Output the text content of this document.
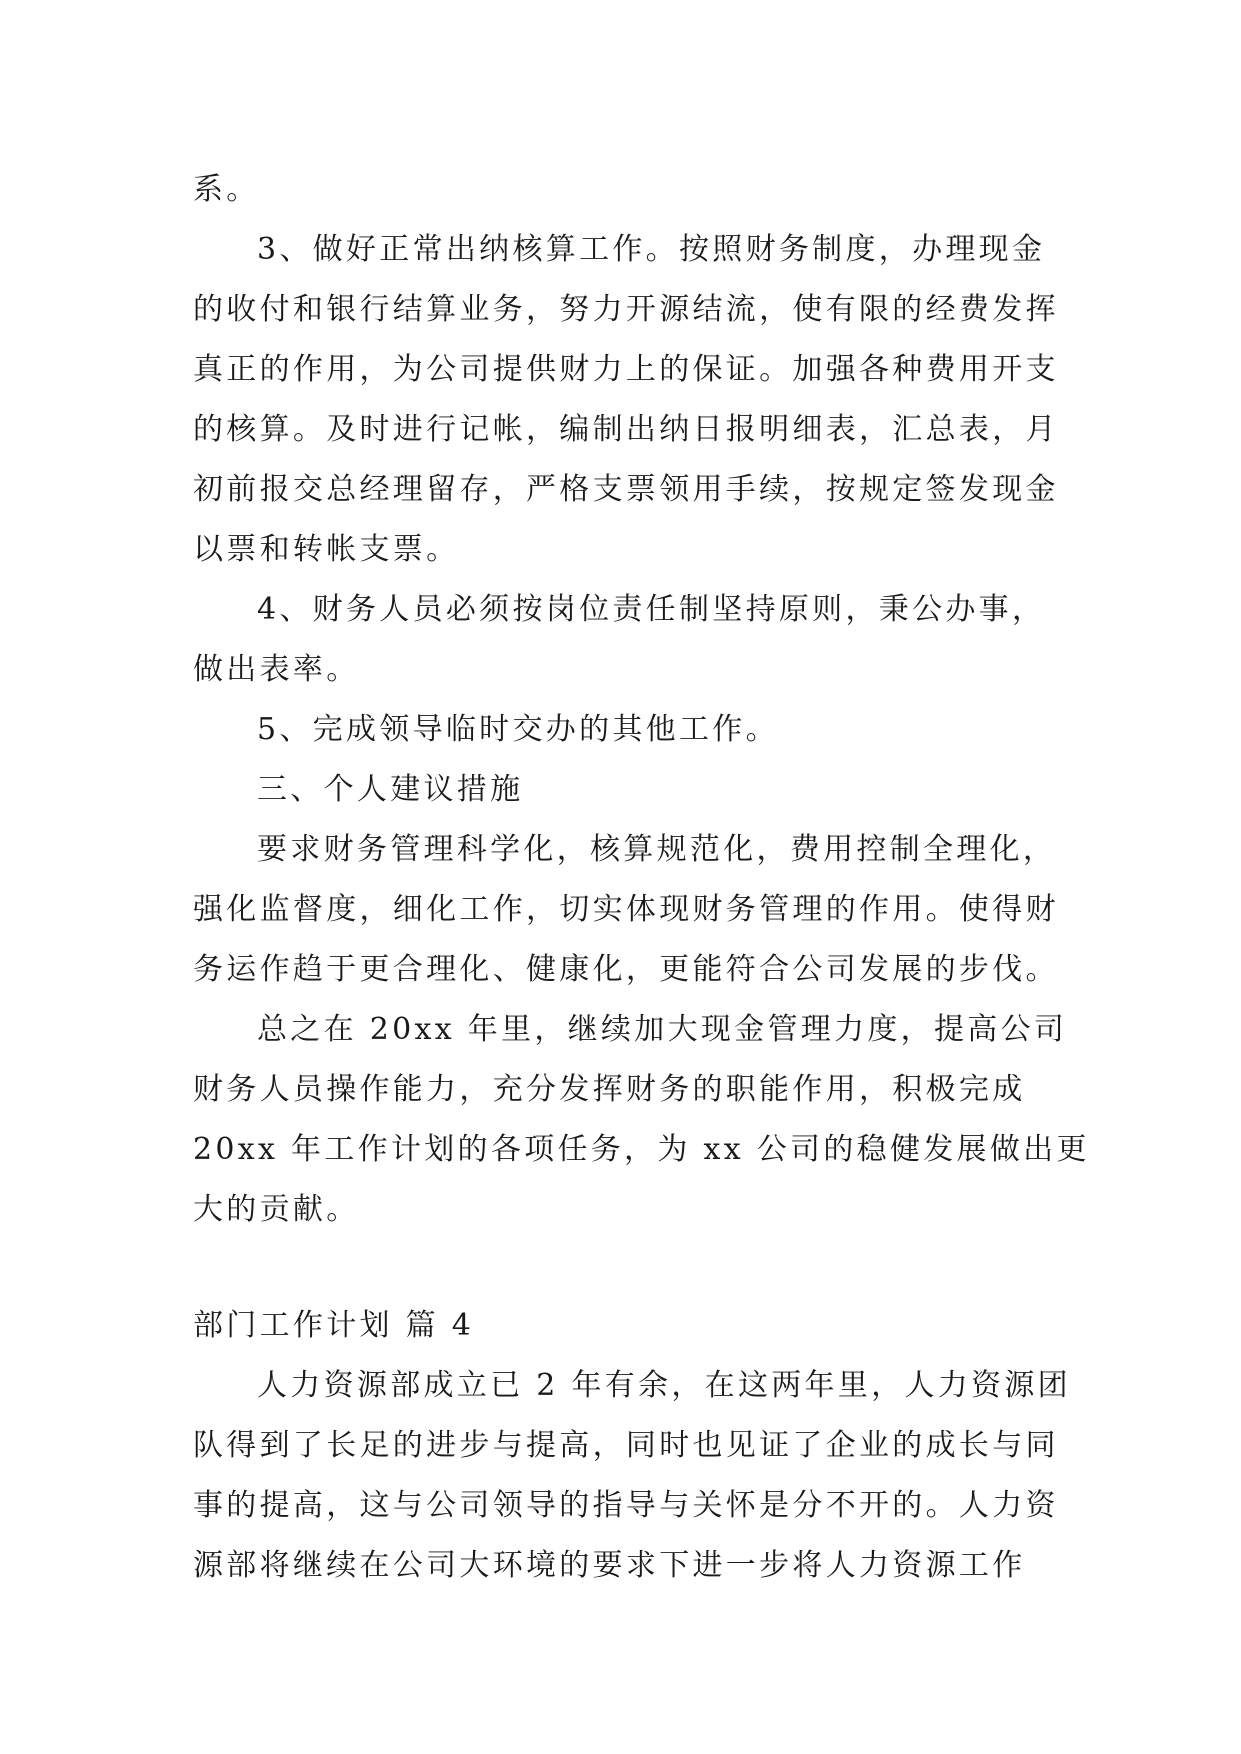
系。

3、做好正常出纳核算工作。按照财务制度，办理现金

的收付和银行结算业务，努力开源结流，使有限的经费发挥

真正的作用，为公司提供财力上的保证。加强各种费用开支

的核算。及时进行记帐，编制出纳日报明细表，汇总表，月

初前报交总经理留存，严格支票领用手续，按规定签发现金

以票和转帐支票。

4、财务人员必须按岗位责任制坚持原则，秉公办事，

做出表率。

5、完成领导临时交办的其他工作。

三、个人建议措施

要求财务管理科学化，核算规范化，费用控制全理化，

强化监督度，细化工作，切实体现财务管理的作用。使得财

务运作趋于更合理化、健康化，更能符合公司发展的步伐。

总之在 20xx 年里，继续加大现金管理力度，提高公司

财务人员操作能力，充分发挥财务的职能作用，积极完成

20xx 年工作计划的各项任务，为 xx 公司的稳健发展做出更

大的贡献。

部门工作计划 篇 4

人力资源部成立已 2 年有余，在这两年里，人力资源团

队得到了长足的进步与提高，同时也见证了企业的成长与同

事的提高，这与公司领导的指导与关怀是分不开的。人力资

源部将继续在公司大环境的要求下进一步将人力资源工作
